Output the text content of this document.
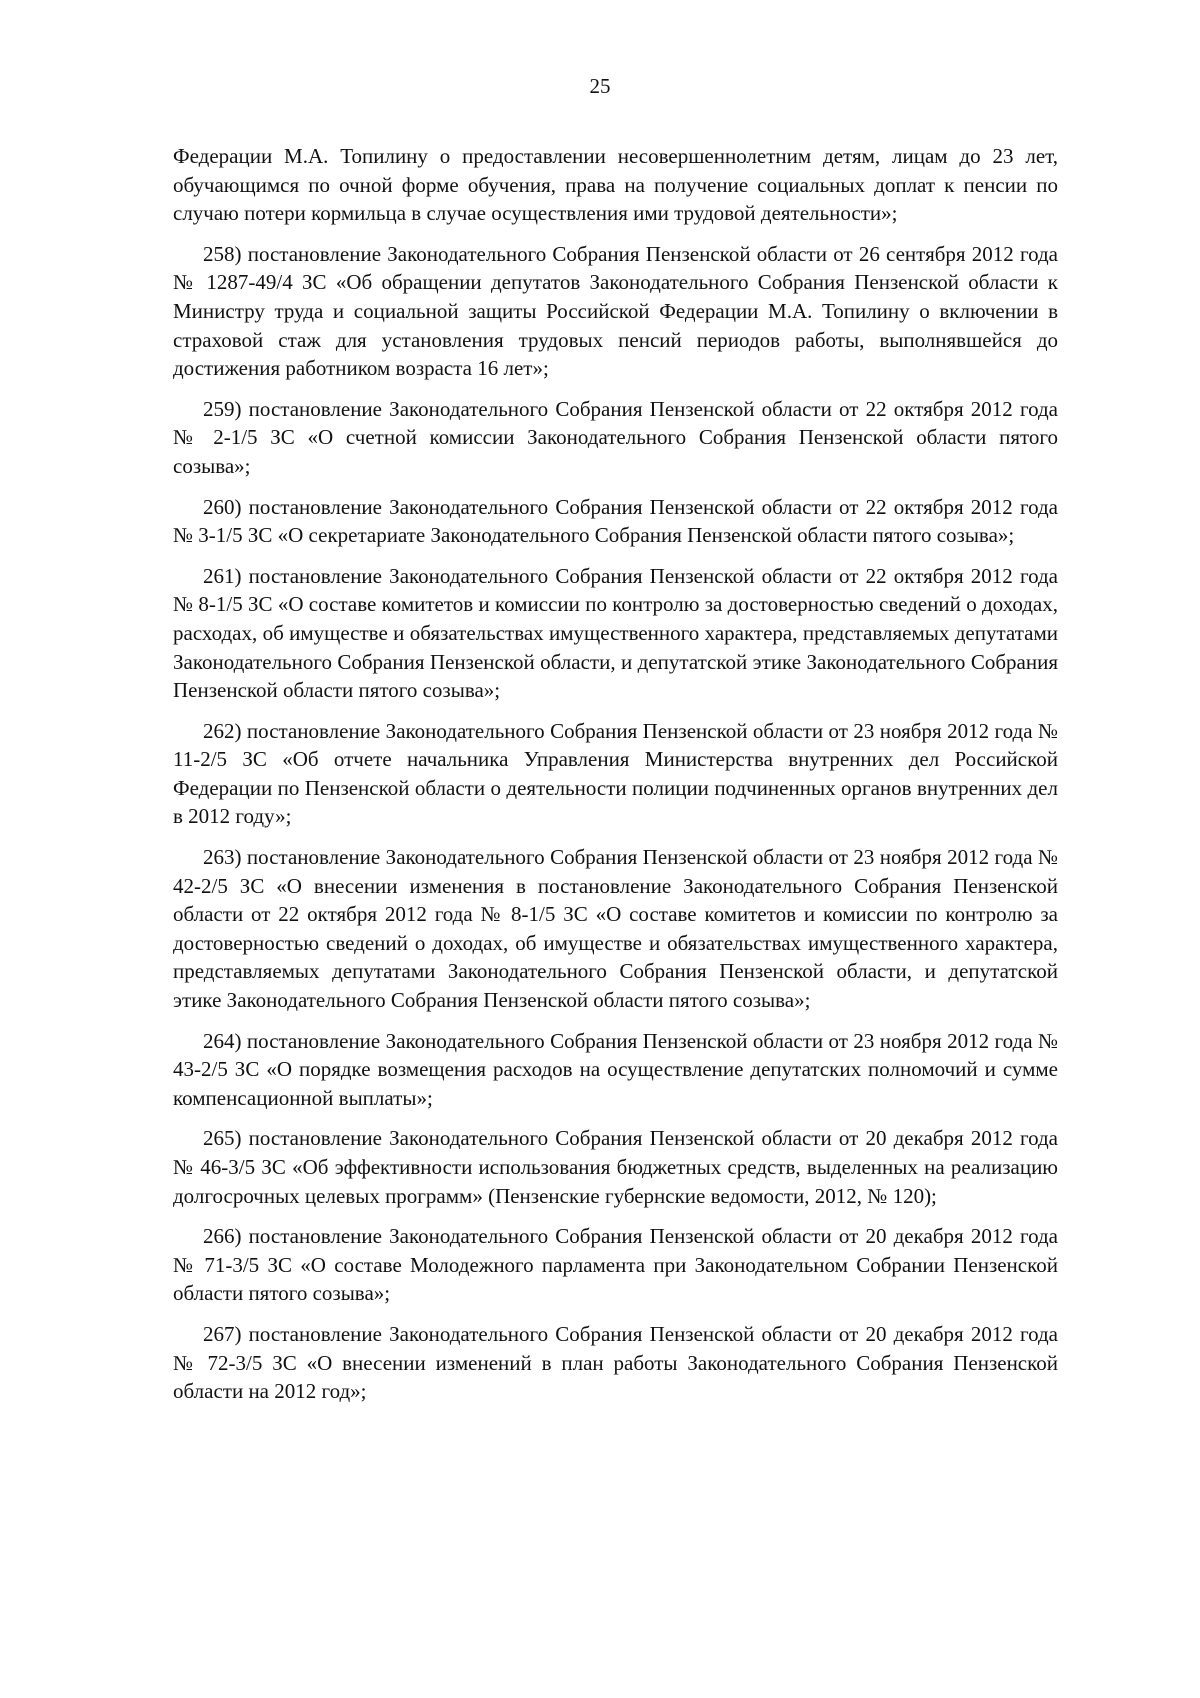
25

Федерации М.А. Топилину о предоставлении несовершеннолетним детям, лицам до 23 лет, обучающимся по очной форме обучения, права на получение социальных доплат к пенсии по случаю потери кормильца в случае осуществления ими трудовой деятельности»;

258) постановление Законодательного Собрания Пензенской области от 26 сентября 2012 года № 1287-49/4 ЗС «Об обращении депутатов Законодательного Собрания Пензенской области к Министру труда и социальной защиты Российской Федерации М.А. Топилину о включении в страховой стаж для установления трудовых пенсий периодов работы, выполнявшейся до достижения работником возраста 16 лет»;

259) постановление Законодательного Собрания Пензенской области от 22 октября 2012 года № 2-1/5 ЗС «О счетной комиссии Законодательного Собрания Пензенской области пятого созыва»;

260) постановление Законодательного Собрания Пензенской области от 22 октября 2012 года № 3-1/5 ЗС «О секретариате Законодательного Собрания Пензенской области пятого созыва»;

261) постановление Законодательного Собрания Пензенской области от 22 октября 2012 года № 8-1/5 ЗС «О составе комитетов и комиссии по контролю за достоверностью сведений о доходах, расходах, об имуществе и обязательствах имущественного характера, представляемых депутатами Законодательного Собрания Пензенской области, и депутатской этике Законодательного Собрания Пензенской области пятого созыва»;

262) постановление Законодательного Собрания Пензенской области от 23 ноября 2012 года № 11-2/5 ЗС «Об отчете начальника Управления Министерства внутренних дел Российской Федерации по Пензенской области о деятельности полиции подчиненных органов внутренних дел в 2012 году»;

263) постановление Законодательного Собрания Пензенской области от 23 ноября 2012 года № 42-2/5 ЗС «О внесении изменения в постановление Законодательного Собрания Пензенской области от 22 октября 2012 года № 8-1/5 ЗС «О составе комитетов и комиссии по контролю за достоверностью сведений о доходах, об имуществе и обязательствах имущественного характера, представляемых депутатами Законодательного Собрания Пензенской области, и депутатской этике Законодательного Собрания Пензенской области пятого созыва»;

264) постановление Законодательного Собрания Пензенской области от 23 ноября 2012 года № 43-2/5 ЗС «О порядке возмещения расходов на осуществление депутатских полномочий и сумме компенсационной выплаты»;

265) постановление Законодательного Собрания Пензенской области от 20 декабря 2012 года № 46-3/5 ЗС «Об эффективности использования бюджетных средств, выделенных на реализацию долгосрочных целевых программ» (Пензенские губернские ведомости, 2012, № 120);

266) постановление Законодательного Собрания Пензенской области от 20 декабря 2012 года № 71-3/5 ЗС «О составе Молодежного парламента при Законодательном Собрании Пензенской области пятого созыва»;

267) постановление Законодательного Собрания Пензенской области от 20 декабря 2012 года № 72-3/5 ЗС «О внесении изменений в план работы Законодательного Собрания Пензенской области на 2012 год»;
